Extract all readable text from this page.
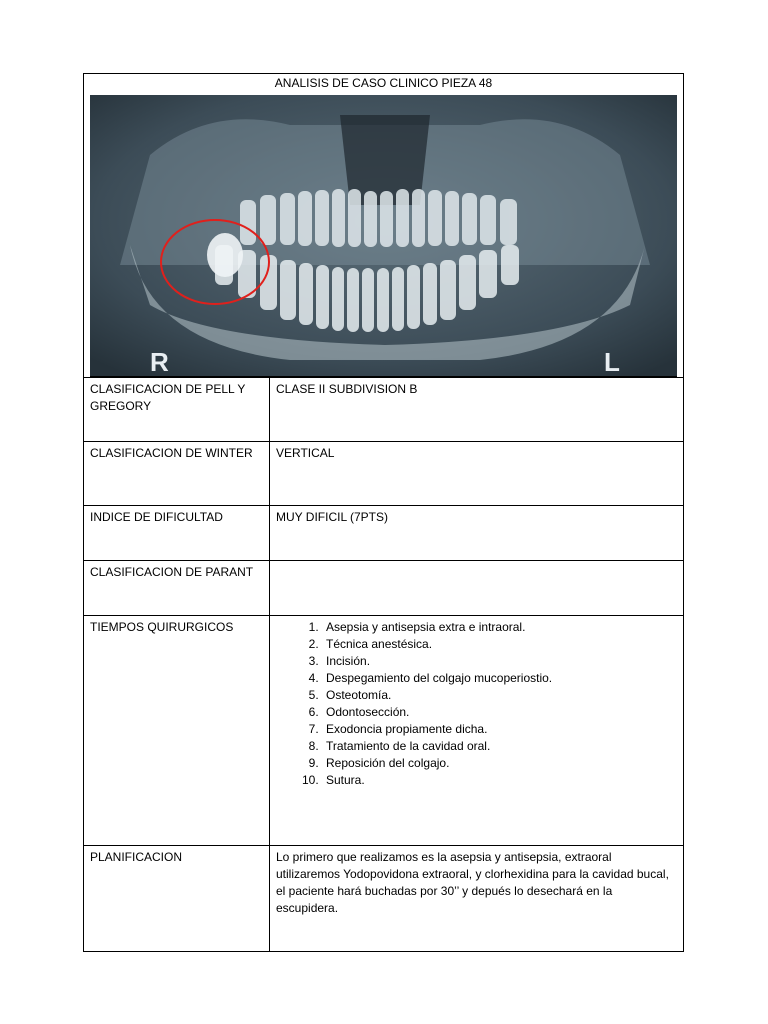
ANALISIS DE CASO CLINICO PIEZA 48
R	L
CLASIFICACION DE PELL Y GREGORY
CLASE II SUBDIVISION B
CLASIFICACION DE WINTER	VERTICAL
INDICE DE DIFICULTAD	MUY DIFICIL (7PTS)
CLASIFICACION DE PARANT
TIEMPOS QUIRURGICOS
1.	Asepsia y antisepsia extra e intraoral.
2. Técnica anestésica.
3. Incisión.
4. Despegamiento del colgajo mucoperiostio.
5. Osteotomía.
6. Odontosección.
7. Exodoncia propiamente dicha.
8. Tratamiento de la cavidad oral.
9. Reposición del colgajo.
10. Sutura.
PLANIFICACION	Lo primero que realizamos es la asepsia y antisepsia, extraoral utilizaremos Yodopovidona extraoral, y clorhexidina para la cavidad bucal, el paciente hará buchadas por 30’’ y depués lo desechará en la escupidera.
